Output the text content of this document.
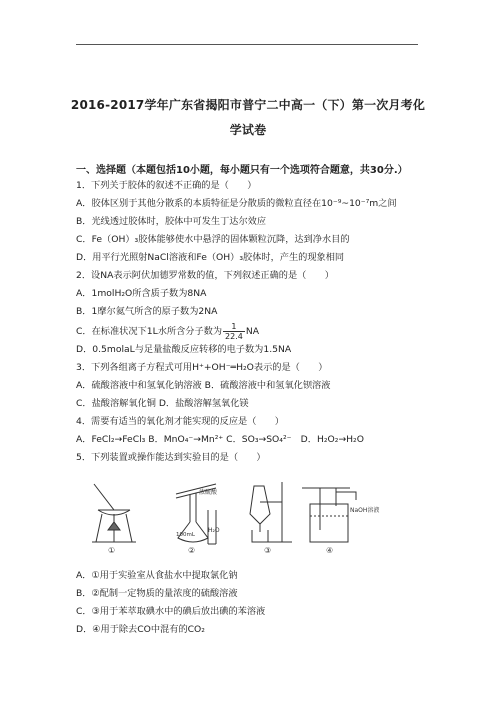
2016-2017学年广东省揭阳市普宁二中高一（下）第一次月考化
学试卷
一、选择题（本题包括10小题，每小题只有一个选项符合题意，共30分.）
1．下列关于胶体的叙述不正确的是（　　）
A．胶体区别于其他分散系的本质特征是分散质的微粒直径在10⁻⁹~10⁻⁷m之间
B．光线透过胶体时，胶体中可发生丁达尔效应
C．Fe（OH）₃胶体能够使水中悬浮的固体颗粒沉降，达到净水目的
D．用平行光照射NaCl溶液和Fe（OH）₃胶体时，产生的现象相同
2．设NA表示阿伏加德罗常数的值，下列叙述正确的是（　　）
A．1molH₂O所含质子数为8NA
B．1摩尔氦气所含的原子数为2NA
C．在标准状况下1L水所含分子数为 $\frac{1}{22.4}$ NA
D．0.5molaL与足量盐酸反应转移的电子数为1.5NA
3．下列各组离子方程式可用H⁺+OH⁻═H₂O表示的是（　　）
A．硫酸溶液中和氢氧化钠溶液 B．硫酸溶液中和氢氧化钡溶液
C．盐酸溶解氧化铜 D．盐酸溶解氢氧化镁
4．需要有适当的氧化剂才能实现的反应是（　　）
A．FeCl₂→FeCl₃ B．MnO₄⁻→Mn²⁺ C．SO₃→SO₄²⁻　D．H₂O₂→H₂O
5．下列装置或操作能达到实验目的是（　　）
①
浓硫酸
100mL
H₂O
②	③
NaOH溶液
④
A．①用于实验室从食盐水中提取氯化钠
B．②配制一定物质的量浓度的硫酸溶液
C．③用于苯萃取碘水中的碘后放出碘的苯溶液
D．④用于除去CO中混有的CO₂
